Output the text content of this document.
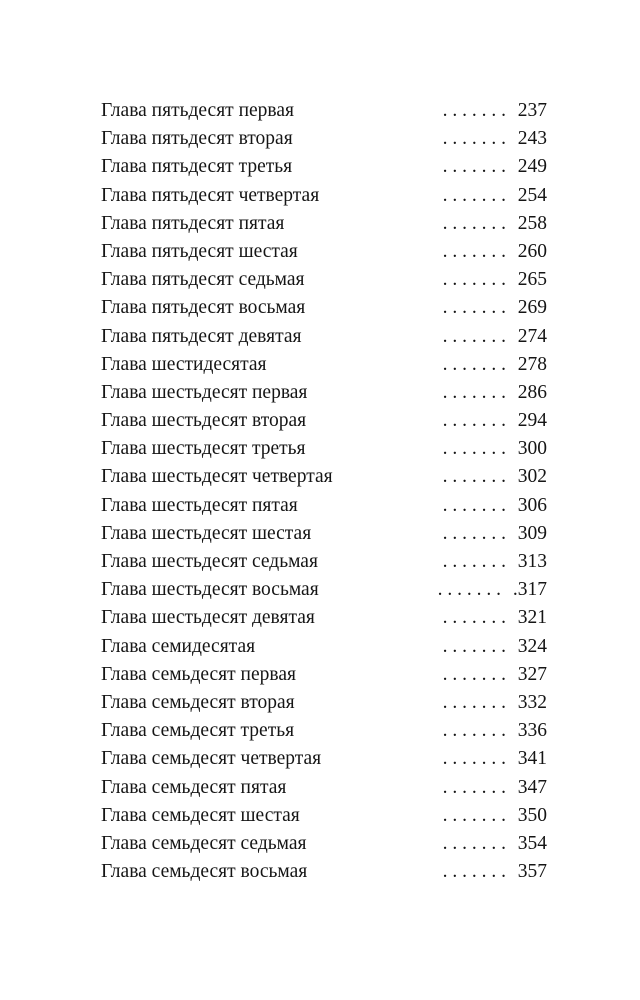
Глава пятьдесят первая	. . . . . . . 237
Глава пятьдесят вторая	. . . . . . . 243
Глава пятьдесят третья	. . . . . . . 249
Глава пятьдесят четвертая	. . . . . . . 254
Глава пятьдесят пятая	. . . . . . . 258
Глава пятьдесят шестая	. . . . . . . 260
Глава пятьдесят седьмая	. . . . . . . 265
Глава пятьдесят восьмая	. . . . . . . 269
Глава пятьдесят девятая	. . . . . . . 274
Глава шестидесятая	. . . . . . . 278
Глава шестьдесят первая	. . . . . . . 286
Глава шестьдесят вторая	. . . . . . . 294
Глава шестьдесят третья	. . . . . . . 300
Глава шестьдесят четвертая	. . . . . . . 302
Глава шестьдесят пятая	. . . . . . . 306
Глава шестьдесят шестая	. . . . . . . 309
Глава шестьдесят седьмая	. . . . . . . 313
Глава шестьдесят восьмая	. . . . . . . .317
Глава шестьдесят девятая	. . . . . . . 321
Глава семидесятая	. . . . . . . 324
Глава семьдесят первая	. . . . . . . 327
Глава семьдесят вторая	. . . . . . . 332
Глава семьдесят третья	. . . . . . . 336
Глава семьдесят четвертая	. . . . . . . 341
Глава семьдесят пятая	. . . . . . . 347
Глава семьдесят шестая	. . . . . . . 350
Глава семьдесят седьмая	. . . . . . . 354
Глава семьдесят восьмая	. . . . . . . 357
